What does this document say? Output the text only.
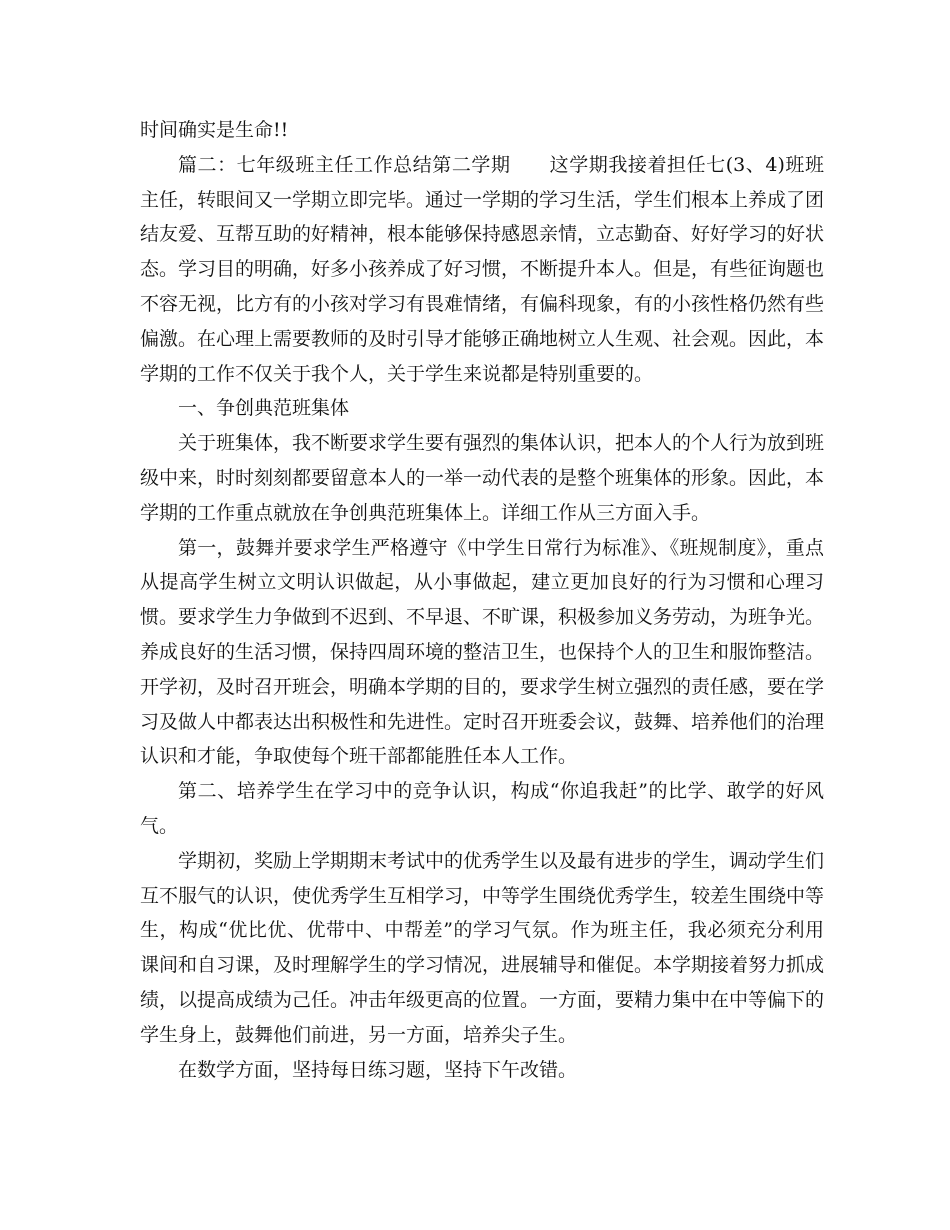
时间确实是生命!!

篇二：七年级班主任工作总结第二学期　　这学期我接着担任七(3、4)班班主任，转眼间又一学期立即完毕。通过一学期的学习生活，学生们根本上养成了团结友爱、互帮互助的好精神，根本能够保持感恩亲情，立志勤奋、好好学习的好状态。学习目的明确，好多小孩养成了好习惯，不断提升本人。但是，有些征询题也不容无视，比方有的小孩对学习有畏难情绪，有偏科现象，有的小孩性格仍然有些偏激。在心理上需要教师的及时引导才能够正确地树立人生观、社会观。因此，本学期的工作不仅关于我个人，关于学生来说都是特别重要的。

一、争创典范班集体

关于班集体，我不断要求学生要有强烈的集体认识，把本人的个人行为放到班级中来，时时刻刻都要留意本人的一举一动代表的是整个班集体的形象。因此，本学期的工作重点就放在争创典范班集体上。详细工作从三方面入手。

第一，鼓舞并要求学生严格遵守《中学生日常行为标准》、《班规制度》，重点从提高学生树立文明认识做起，从小事做起，建立更加良好的行为习惯和心理习惯。要求学生力争做到不迟到、不早退、不旷课，积极参加义务劳动，为班争光。养成良好的生活习惯，保持四周环境的整洁卫生，也保持个人的卫生和服饰整洁。开学初，及时召开班会，明确本学期的目的，要求学生树立强烈的责任感，要在学习及做人中都表达出积极性和先进性。定时召开班委会议，鼓舞、培养他们的治理认识和才能，争取使每个班干部都能胜任本人工作。

第二、培养学生在学习中的竞争认识，构成“你追我赶”的比学、敢学的好风气。

学期初，奖励上学期期末考试中的优秀学生以及最有进步的学生，调动学生们互不服气的认识，使优秀学生互相学习，中等学生围绕优秀学生，较差生围绕中等生，构成“优比优、优带中、中帮差”的学习气氛。作为班主任，我必须充分利用课间和自习课，及时理解学生的学习情况，进展辅导和催促。本学期接着努力抓成绩，以提高成绩为己任。冲击年级更高的位置。一方面，要精力集中在中等偏下的学生身上，鼓舞他们前进，另一方面，培养尖子生。

在数学方面，坚持每日练习题，坚持下午改错。
